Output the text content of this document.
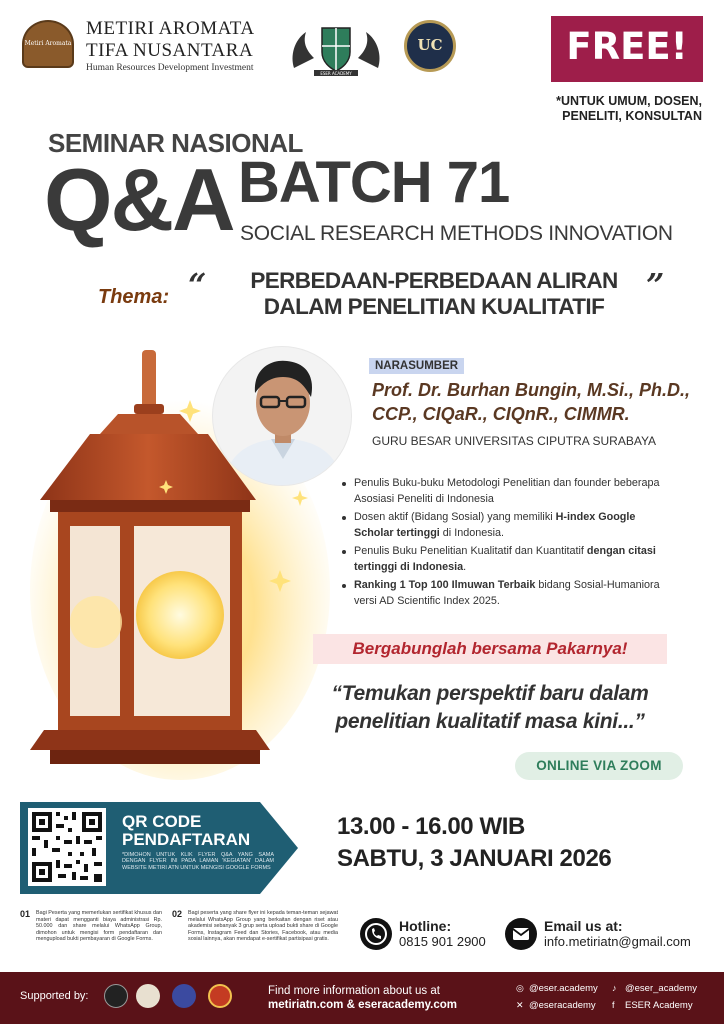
Metiri Aromata
METIRI AROMATA
TIFA NUSANTARA
Human Resources Development Investment
ESER ACADEMY
UC	FREE!
*UNTUK UMUM, DOSEN,
PENELITI, KONSULTAN
SEMINAR NASIONAL
Q&A BATCH 71
SOCIAL RESEARCH METHODS INNOVATION
Thema: “	”
PERBEDAAN-PERBEDAAN ALIRAN
DALAM PENELITIAN KUALITATIF
NARASUMBER
Prof. Dr. Burhan Bungin, M.Si., Ph.D.,
CCP., CIQaR., CIQnR., CIMMR.
GURU BESAR UNIVERSITAS CIPUTRA SURABAYA
Penulis Buku-buku Metodologi Penelitian dan founder beberapa Asosiasi Peneliti di Indonesia
Dosen aktif (Bidang Sosial) yang memiliki H-index Google Scholar tertinggi di Indonesia.
Penulis Buku Penelitian Kualitatif dan Kuantitatif dengan citasi tertinggi di Indonesia.
Ranking 1 Top 100 Ilmuwan Terbaik bidang Sosial-Humaniora versi AD Scientific Index 2025.
Bergabunglah bersama Pakarnya!
“Temukan perspektif baru dalam
penelitian kualitatif masa kini...”
ONLINE VIA ZOOM
QR CODE
PENDAFTARAN
*DIMOHON UNTUK KLIK FLYER Q&A YANG SAMA DENGAN FLYER INI PADA LAMAN 'KEGIATAN' DALAM WEBSITE METIRI ATN UNTUK MENGISI GOOGLE FORMS
13.00 - 16.00 WIB
SABTU, 3 JANUARI 2026
01 Bagi Peserta yang memerlukan sertifikat khusus dan materi dapat mengganti biaya administrasi Rp. 50.000 dan share melalui WhatsApp Group, dimohon untuk mengisi form pendaftaran dan mengupload bukti pembayaran di Google Forms.
02 Bagi peserta yang share flyer ini kepada teman-teman sejawat melalui WhatsApp Group yang berkaitan dengan riset atau akademisi sebanyak 3 grup serta upload bukti share di Google Forms, Instagram Feed dan Stories, Facebook, atau media sosial lainnya, akan mendapat e-sertifikat partisipasi gratis.
Hotline:
0815 901 2900
Email us at:
info.metiriatn@gmail.com
Supported by:	Find more information about us at
metiriatn.com & eseracademy.com
◎ @eser.academy ♪ @eser_academy
✕ @eseracademy f ESER Academy
